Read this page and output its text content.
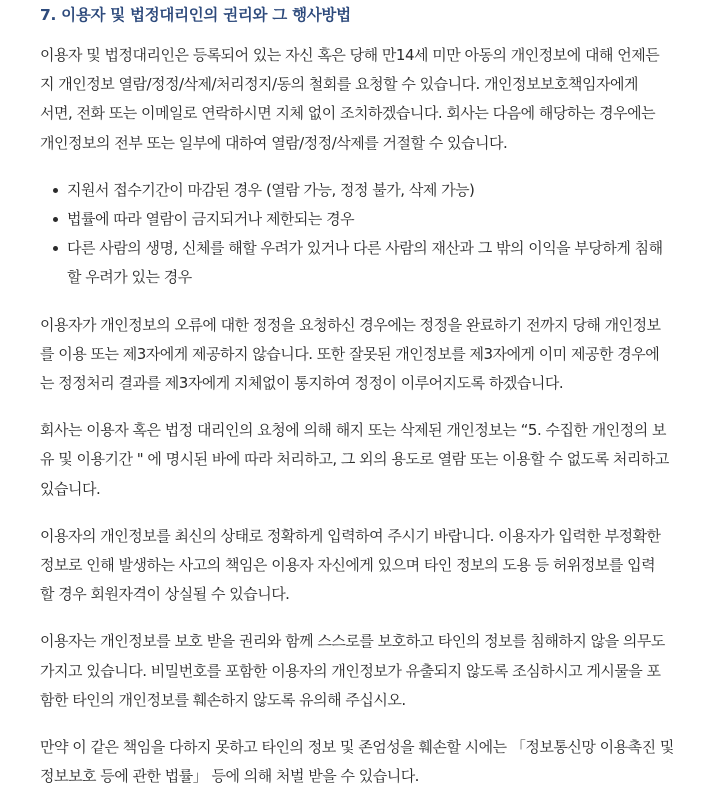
7. 이용자 및 법정대리인의 권리와 그 행사방법

이용자 및 법정대리인은 등록되어 있는 자신 혹은 당해 만14세 미만 아동의 개인정보에 대해 언제든
지 개인정보 열람/정정/삭제/처리정지/동의 철회를 요청할 수 있습니다. 개인정보보호책임자에게
서면, 전화 또는 이메일로 연락하시면 지체 없이 조치하겠습니다. 회사는 다음에 해당하는 경우에는
개인정보의 전부 또는 일부에 대하여 열람/정정/삭제를 거절할 수 있습니다.

지원서 접수기간이 마감된 경우 (열람 가능, 정정 불가, 삭제 가능)
법률에 따라 열람이 금지되거나 제한되는 경우
다른 사람의 생명, 신체를 해할 우려가 있거나 다른 사람의 재산과 그 밖의 이익을 부당하게 침해
할 우려가 있는 경우

이용자가 개인정보의 오류에 대한 정정을 요청하신 경우에는 정정을 완료하기 전까지 당해 개인정보
를 이용 또는 제3자에게 제공하지 않습니다. 또한 잘못된 개인정보를 제3자에게 이미 제공한 경우에
는 정정처리 결과를 제3자에게 지체없이 통지하여 정정이 이루어지도록 하겠습니다.

회사는 이용자 혹은 법정 대리인의 요청에 의해 해지 또는 삭제된 개인정보는 “5. 수집한 개인정의 보
유 및 이용기간 " 에 명시된 바에 따라 처리하고, 그 외의 용도로 열람 또는 이용할 수 없도록 처리하고
있습니다.

이용자의 개인정보를 최신의 상태로 정확하게 입력하여 주시기 바랍니다. 이용자가 입력한 부정확한
정보로 인해 발생하는 사고의 책임은 이용자 자신에게 있으며 타인 정보의 도용 등 허위정보를 입력
할 경우 회원자격이 상실될 수 있습니다.

이용자는 개인정보를 보호 받을 권리와 함께 스스로를 보호하고 타인의 정보를 침해하지 않을 의무도
가지고 있습니다. 비밀번호를 포함한 이용자의 개인정보가 유출되지 않도록 조심하시고 게시물을 포
함한 타인의 개인정보를 훼손하지 않도록 유의해 주십시오.

만약 이 같은 책임을 다하지 못하고 타인의 정보 및 존엄성을 훼손할 시에는 「정보통신망 이용촉진 및
정보보호 등에 관한 법률」 등에 의해 처벌 받을 수 있습니다.
